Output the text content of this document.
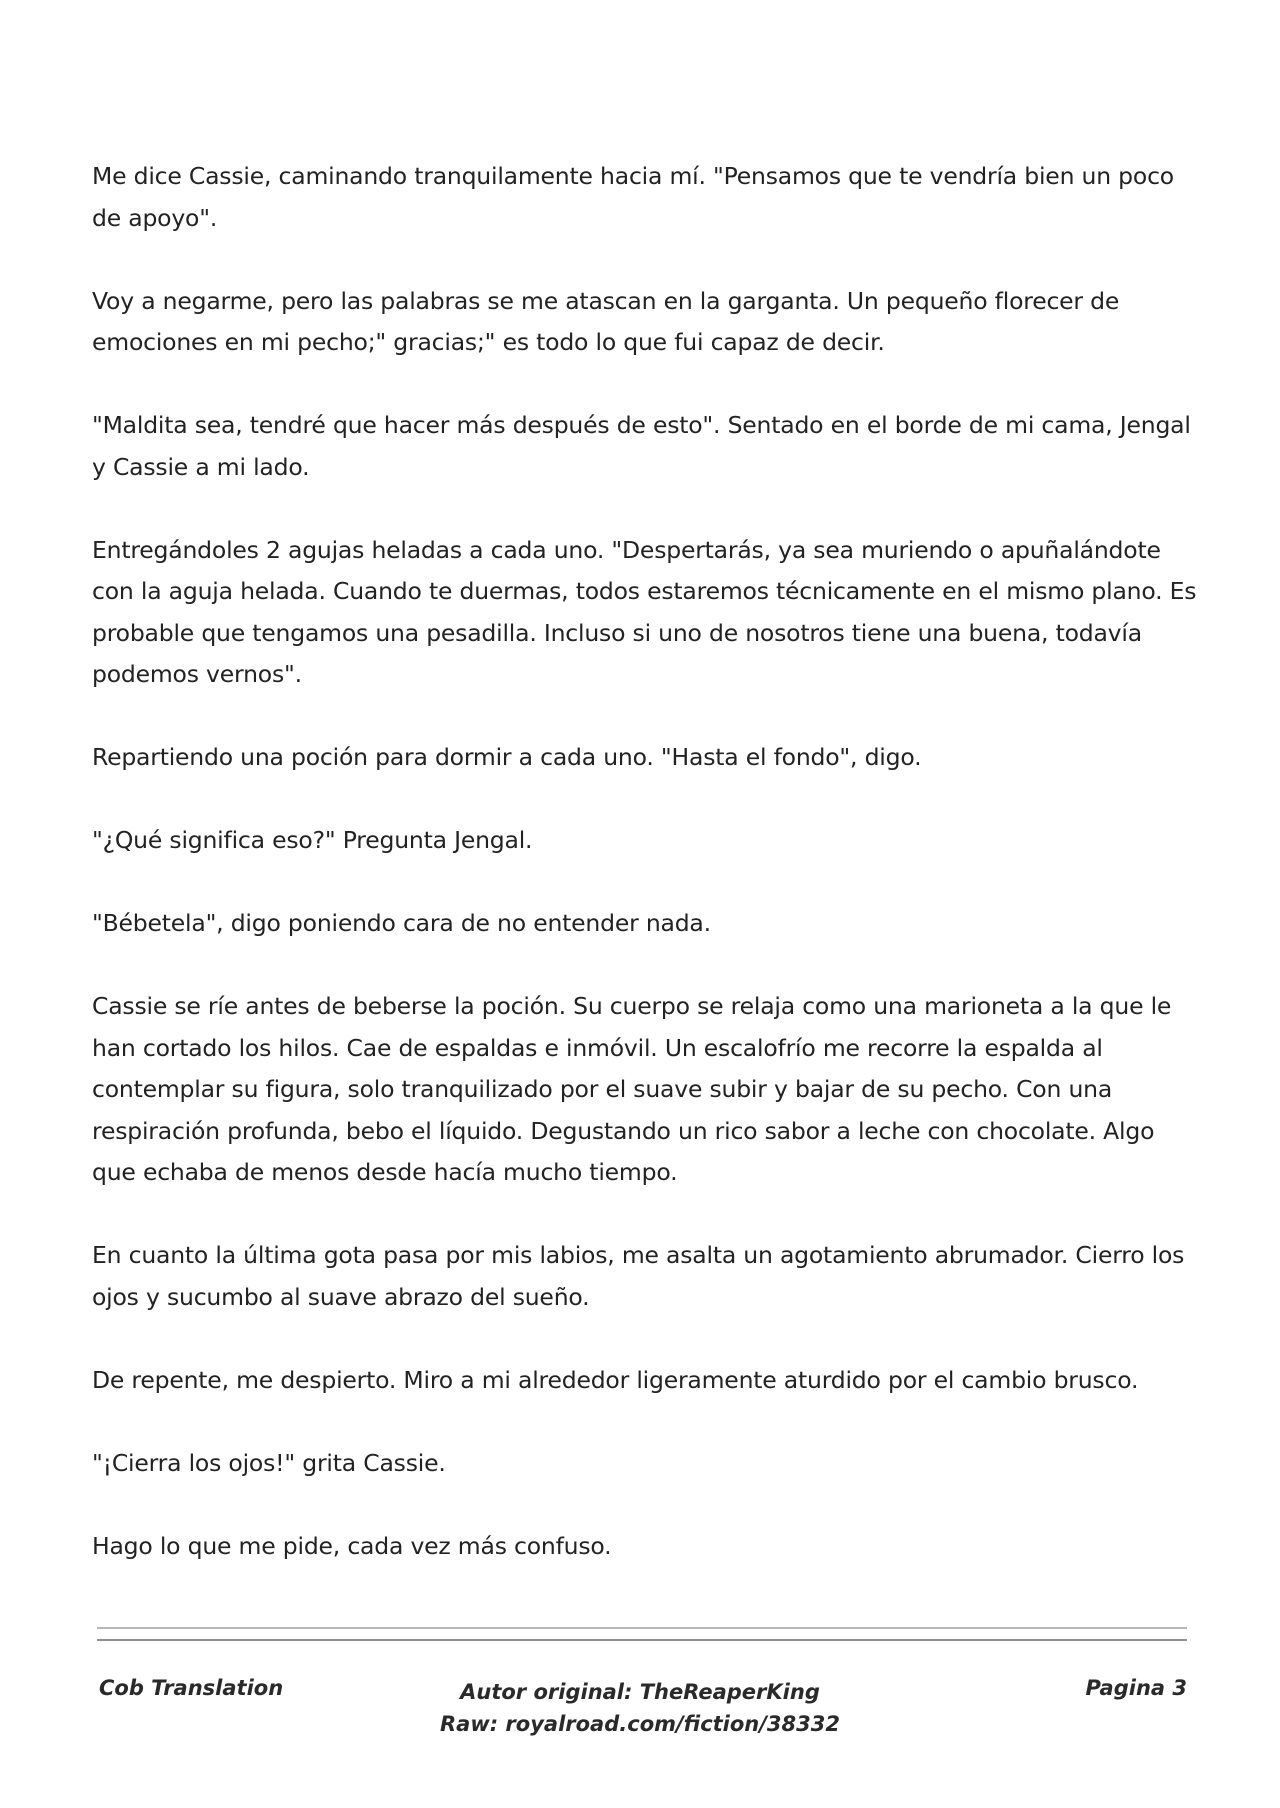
Me dice Cassie, caminando tranquilamente hacia mí. "Pensamos que te vendría bien un poco de apoyo".

Voy a negarme, pero las palabras se me atascan en la garganta. Un pequeño florecer de emociones en mi pecho;" gracias;" es todo lo que fui capaz de decir.

"Maldita sea, tendré que hacer más después de esto". Sentado en el borde de mi cama, Jengal y Cassie a mi lado.

Entregándoles 2 agujas heladas a cada uno. "Despertarás, ya sea muriendo o apuñalándote con la aguja helada. Cuando te duermas, todos estaremos técnicamente en el mismo plano. Es probable que tengamos una pesadilla. Incluso si uno de nosotros tiene una buena, todavía podemos vernos".

Repartiendo una poción para dormir a cada uno. "Hasta el fondo", digo.

"¿Qué significa eso?" Pregunta Jengal.

"Bébetela", digo poniendo cara de no entender nada.

Cassie se ríe antes de beberse la poción. Su cuerpo se relaja como una marioneta a la que le han cortado los hilos. Cae de espaldas e inmóvil. Un escalofrío me recorre la espalda al contemplar su figura, solo tranquilizado por el suave subir y bajar de su pecho. Con una respiración profunda, bebo el líquido. Degustando un rico sabor a leche con chocolate. Algo que echaba de menos desde hacía mucho tiempo.

En cuanto la última gota pasa por mis labios, me asalta un agotamiento abrumador. Cierro los ojos y sucumbo al suave abrazo del sueño.

De repente, me despierto. Miro a mi alrededor ligeramente aturdido por el cambio brusco.

"¡Cierra los ojos!" grita Cassie.

Hago lo que me pide, cada vez más confuso.

Cob Translation	Autor original: TheReaperKing
Raw: royalroad.com/fiction/38332
Pagina 3
